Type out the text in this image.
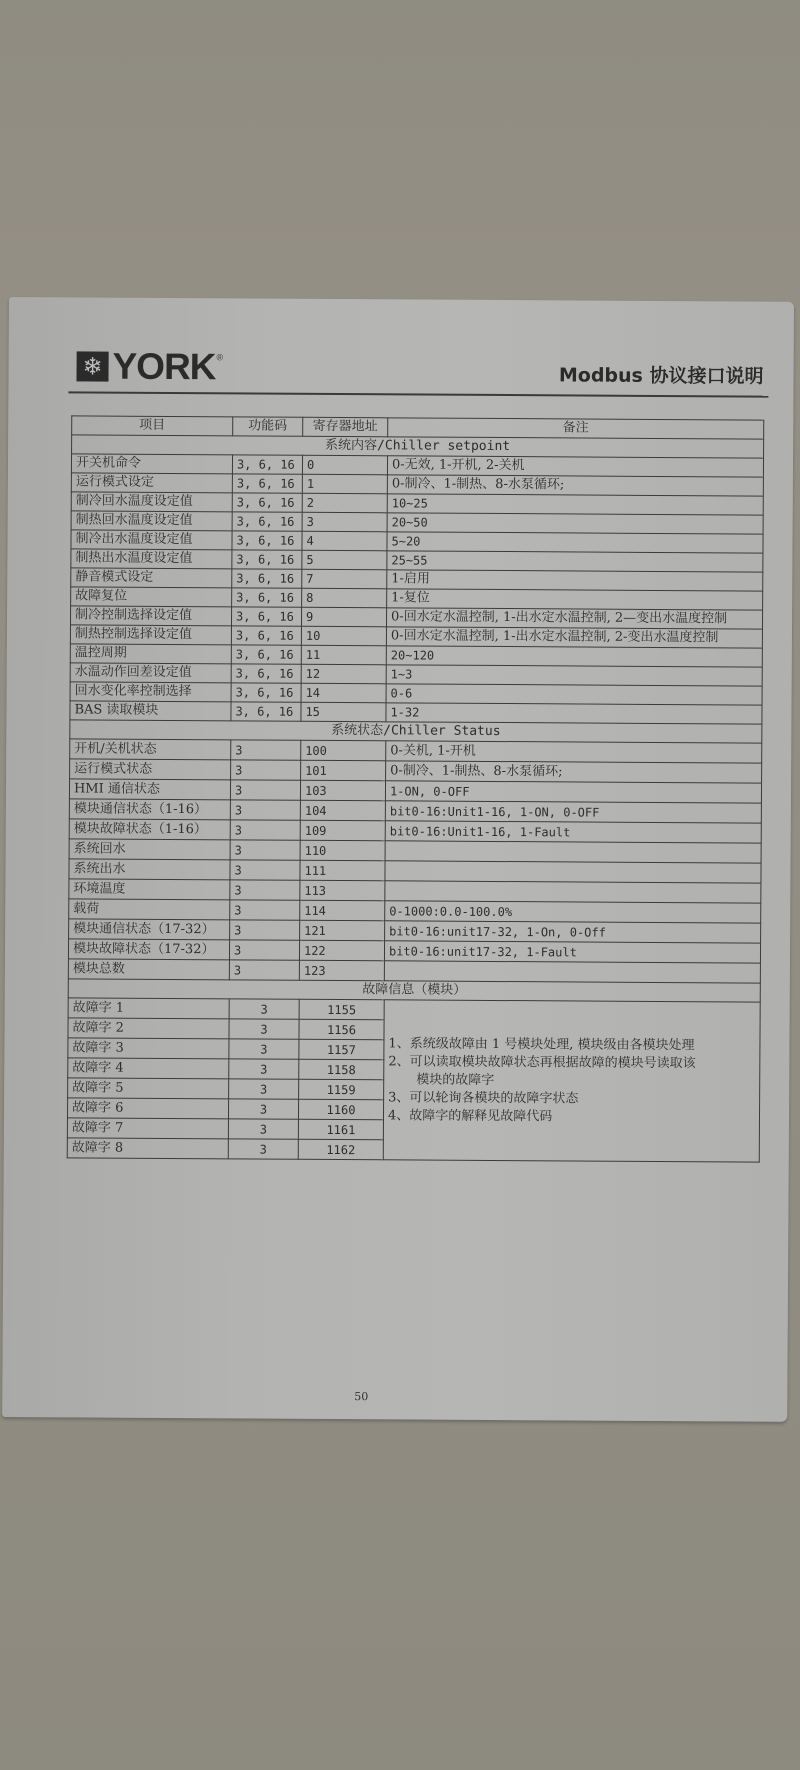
❄ YORK ®
Modbus 协议接口说明
项目	功能码	寄存器地址	备注
系统内容/Chiller setpoint			
开关机命令	3, 6, 16	0	0-无效, 1-开机, 2-关机
运行模式设定	3, 6, 16	1	0-制冷、1-制热、8-水泵循环;
制冷回水温度设定值	3, 6, 16	2	10~25
制热回水温度设定值	3, 6, 16	3	20~50
制冷出水温度设定值	3, 6, 16	4	5~20
制热出水温度设定值	3, 6, 16	5	25~55
静音模式设定	3, 6, 16	7	1-启用
故障复位	3, 6, 16	8	1-复位
制冷控制选择设定值	3, 6, 16	9	0-回水定水温控制, 1-出水定水温控制, 2—变出水温度控制
制热控制选择设定值	3, 6, 16	10	0-回水定水温控制, 1-出水定水温控制, 2-变出水温度控制
温控周期	3, 6, 16	11	20~120
水温动作回差设定值	3, 6, 16	12	1~3
回水变化率控制选择	3, 6, 16	14	0-6
BAS 读取模块	3, 6, 16	15	1-32
系统状态/Chiller Status			
开机/关机状态	3	100	0-关机, 1-开机
运行模式状态	3	101	0-制冷、1-制热、8-水泵循环;
HMI 通信状态	3	103	1-ON, 0-OFF
模块通信状态（1-16）	3	104	bit0-16:Unit1-16, 1-ON, 0-OFF
模块故障状态（1-16）	3	109	bit0-16:Unit1-16, 1-Fault
系统回水	3	110	
系统出水	3	111	
环境温度	3	113	
载荷	3	114	0-1000:0.0-100.0%
模块通信状态（17-32）	3	121	bit0-16:unit17-32, 1-On, 0-Off
模块故障状态（17-32）	3	122	bit0-16:unit17-32, 1-Fault
模块总数	3	123	
故障信息（模块）			
故障字 1	3	1155	1、系统级故障由 1 号模块处理, 模块级由各模块处理
2、可以读取模块故障状态再根据故障的模块号读取该
模块的故障字
3、可以轮询各模块的故障字状态
4、故障字的解释见故障代码

故障字 2	3	1156	
故障字 3	3	1157	
故障字 4	3	1158	
故障字 5	3	1159	
故障字 6	3	1160	
故障字 7	3	1161	
故障字 8	3	1162	
50
